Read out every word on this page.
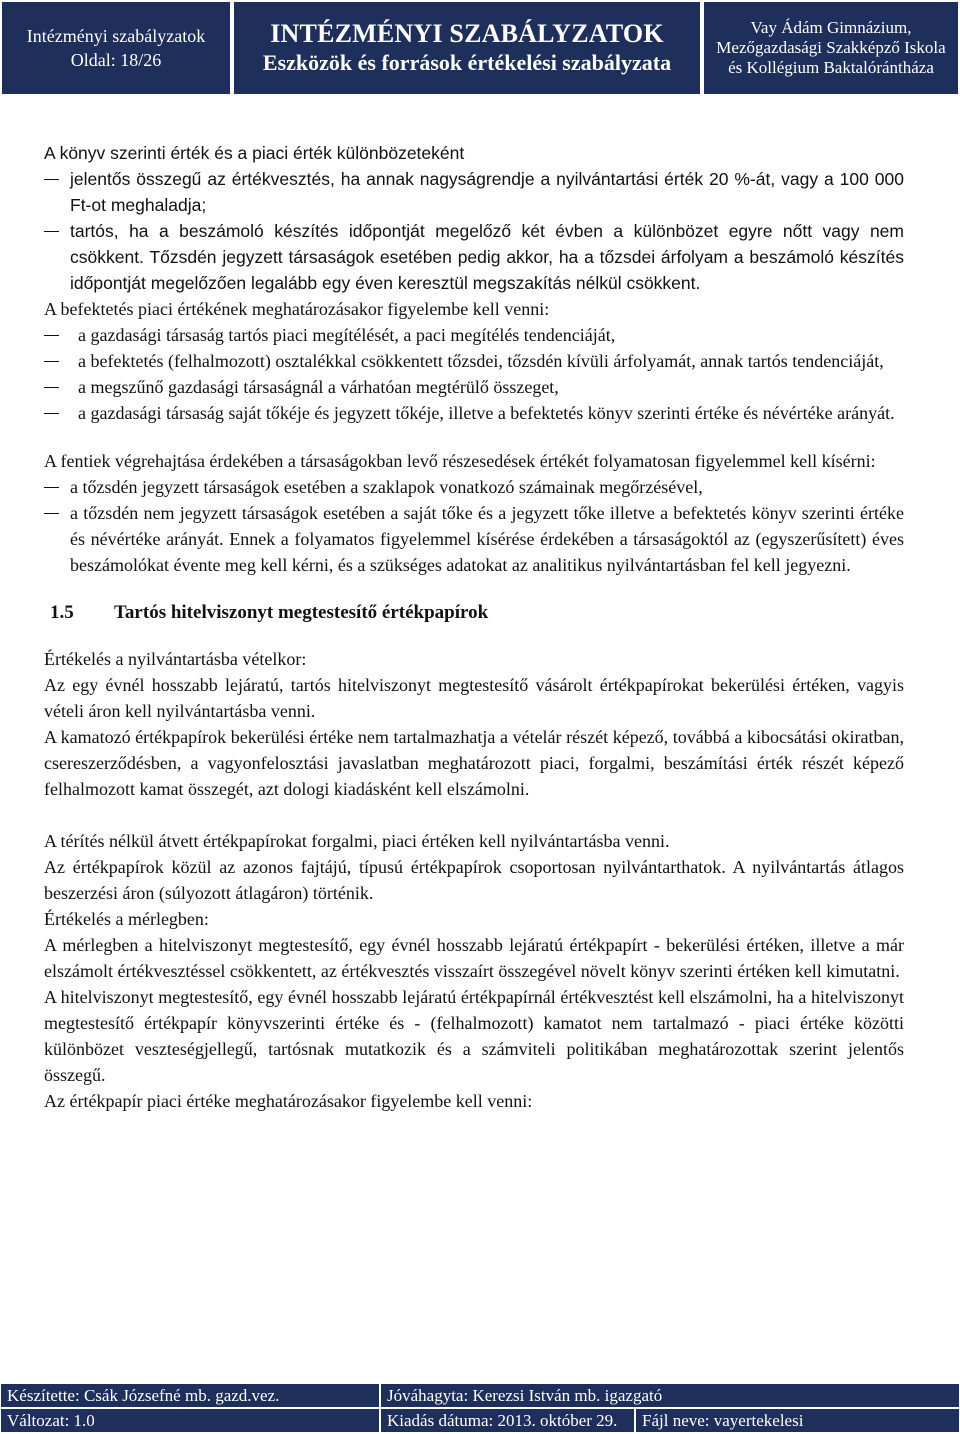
Intézményi szabályzatok
Oldal: 18/26
INTÉZMÉNYI SZABÁLYZATOK
Eszközök és források értékelési szabályzata
Vay Ádám Gimnázium,
Mezőgazdasági Szakképző Iskola
és Kollégium Baktalórántháza

A könyv szerinti érték és a piaci érték különbözeteként

jelentős összegű az értékvesztés, ha annak nagyságrendje a nyilvántartási érték 20 %-át, vagy a 100 000 Ft-ot meghaladja;
tartós, ha a beszámoló készítés időpontját megelőző két évben a különbözet egyre nőtt vagy nem csökkent. Tőzsdén jegyzett társaságok esetében pedig akkor, ha a tőzsdei árfolyam a beszámoló készítés időpontját megelőzően legalább egy éven keresztül megszakítás nélkül csökkent.

A befektetés piaci értékének meghatározásakor figyelembe kell venni:

a gazdasági társaság tartós piaci megítélését, a paci megítélés tendenciáját,
a befektetés (felhalmozott) osztalékkal csökkentett tőzsdei, tőzsdén kívüli árfolyamát, annak tartós tendenciáját,
a megszűnő gazdasági társaságnál a várhatóan megtérülő összeget,
a gazdasági társaság saját tőkéje és jegyzett tőkéje, illetve a befektetés könyv szerinti értéke és névértéke arányát.

A fentiek végrehajtása érdekében a társaságokban levő részesedések értékét folyamatosan figyelemmel kell kísérni:

a tőzsdén jegyzett társaságok esetében a szaklapok vonatkozó számainak megőrzésével,
a tőzsdén nem jegyzett társaságok esetében a saját tőke és a jegyzett tőke illetve a befektetés könyv szerinti értéke és névértéke arányát. Ennek a folyamatos figyelemmel kísérése érdekében a társaságoktól az (egyszerűsített) éves beszámolókat évente meg kell kérni, és a szükséges adatokat az analitikus nyilvántartásban fel kell jegyezni.
1.5 Tartós hitelviszonyt megtestesítő értékpapírok

Értékelés a nyilvántartásba vételkor:

Az egy évnél hosszabb lejáratú, tartós hitelviszonyt megtestesítő vásárolt értékpapírokat bekerülési értéken, vagyis vételi áron kell nyilvántartásba venni.

A kamatozó értékpapírok bekerülési értéke nem tartalmazhatja a vételár részét képező, továbbá a kibocsátási okiratban, csereszerződésben, a vagyonfelosztási javaslatban meghatározott piaci, forgalmi, beszámítási érték részét képező felhalmozott kamat összegét, azt dologi kiadásként kell elszámolni.

A térítés nélkül átvett értékpapírokat forgalmi, piaci értéken kell nyilvántartásba venni.

Az értékpapírok közül az azonos fajtájú, típusú értékpapírok csoportosan nyilvántarthatok. A nyilvántartás átlagos beszerzési áron (súlyozott átlagáron) történik.

Értékelés a mérlegben:

A mérlegben a hitelviszonyt megtestesítő, egy évnél hosszabb lejáratú értékpapírt - bekerülési értéken, illetve a már elszámolt értékvesztéssel csökkentett, az értékvesztés visszaírt összegével növelt könyv szerinti értéken kell kimutatni.

A hitelviszonyt megtestesítő, egy évnél hosszabb lejáratú értékpapírnál értékvesztést kell elszámolni, ha a hitelviszonyt megtestesítő értékpapír könyvszerinti értéke és - (felhalmozott) kamatot nem tartalmazó - piaci értéke közötti különbözet veszteségjellegű, tartósnak mutatkozik és a számviteli politikában meghatározottak szerint jelentős összegű.

Az értékpapír piaci értéke meghatározásakor figyelembe kell venni:

Készítette: Csák Józsefné mb. gazd.vez.	Jóváhagyta: Kerezsi István mb. igazgató
Változat: 1.0	Kiadás dátuma: 2013. október 29.	Fájl neve: vayertekelesi
